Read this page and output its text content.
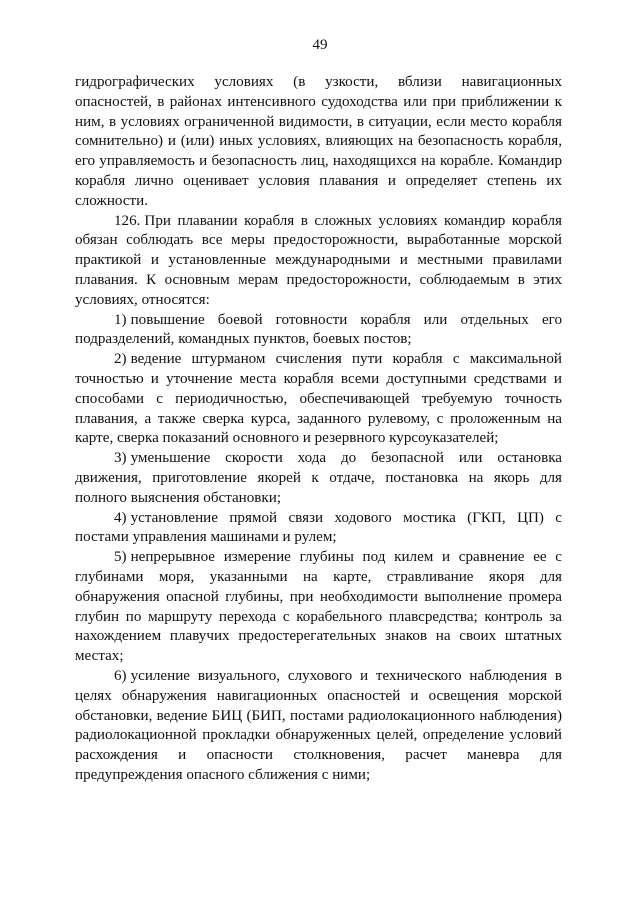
49

гидрографических условиях (в узкости, вблизи навигационных опасностей, в районах интенсивного судоходства или при приближении к ним, в условиях ограниченной видимости, в ситуации, если место корабля сомнительно) и (или) иных условиях, влияющих на безопасность корабля, его управляемость и безопасность лиц, находящихся на корабле. Командир корабля лично оценивает условия плавания и определяет степень их сложности.

126. При плавании корабля в сложных условиях командир корабля обязан соблюдать все меры предосторожности, выработанные морской практикой и установленные международными и местными правилами плавания. К основным мерам предосторожности, соблюдаемым в этих условиях, относятся:

1) повышение боевой готовности корабля или отдельных его подразделений, командных пунктов, боевых постов;

2) ведение штурманом счисления пути корабля с максимальной точностью и уточнение места корабля всеми доступными средствами и способами с периодичностью, обеспечивающей требуемую точность плавания, а также сверка курса, заданного рулевому, с проложенным на карте, сверка показаний основного и резервного курсоуказателей;

3) уменьшение скорости хода до безопасной или остановка движения, приготовление якорей к отдаче, постановка на якорь для полного выяснения обстановки;

4) установление прямой связи ходового мостика (ГКП, ЦП) с постами управления машинами и рулем;

5) непрерывное измерение глубины под килем и сравнение ее с глубинами моря, указанными на карте, стравливание якоря для обнаружения опасной глубины, при необходимости выполнение промера глубин по маршруту перехода с корабельного плавсредства; контроль за нахождением плавучих предостерегательных знаков на своих штатных местах;

6) усиление визуального, слухового и технического наблюдения в целях обнаружения навигационных опасностей и освещения морской обстановки, ведение БИЦ (БИП, постами радиолокационного наблюдения) радиолокационной прокладки обнаруженных целей, определение условий расхождения и опасности столкновения, расчет маневра для предупреждения опасного сближения с ними;
